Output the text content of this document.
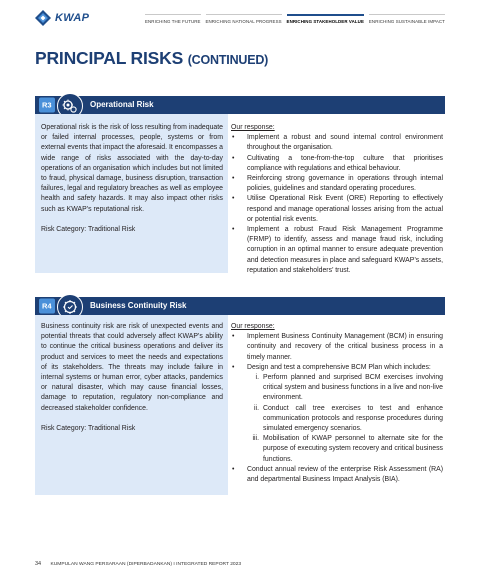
KWAP	ENRICHING THE FUTURE ENRICHING NATIONAL PROGRESS ENRICHING STAKEHOLDER VALUE ENRICHING SUSTAINABLE IMPACT
PRINCIPAL RISKS (CONTINUED)
R3	Operational Risk

Operational risk is the risk of loss resulting from inadequate or failed internal processes, people, systems or from external events that impact the aforesaid. It encompasses a wide range of risks associated with the day-to-day operations of an organisation which includes but not limited to fraud, physical damage, business disruption, transaction failures, legal and regulatory breaches as well as employee health and safety hazards. It may also impact other risks such as KWAP’s reputational risk.

Risk Category: Traditional Risk

Our response:
• Implement a robust and sound internal control environment throughout the organisation.
• Cultivating a tone-from-the-top culture that prioritises compliance with regulations and ethical behaviour.
• Reinforcing strong governance in operations through internal policies, guidelines and standard operating procedures.
• Utilise Operational Risk Event (ORE) Reporting to effectively respond and manage operational losses arising from the actual or potential risk events.
• Implement a robust Fraud Risk Management Programme (FRMP) to identify, assess and manage fraud risk, including corruption in an optimal manner to ensure adequate prevention and detection measures in place and safeguard KWAP’s assets, reputation and stakeholders’ trust.
R4	Business Continuity Risk

Business continuity risk are risk of unexpected events and potential threats that could adversely affect KWAP’s ability to continue the critical business operations and deliver its product and services to meet the needs and expectations of its stakeholders. The threats may include failure in internal systems or human error, cyber attacks, pandemics or natural disaster, which may cause financial losses, damage to reputation, regulatory non-compliance and decreased stakeholder confidence.

Risk Category: Traditional Risk

Our response:
• Implement Business Continuity Management (BCM) in ensuring continuity and recovery of the critical business process in a timely manner.
• Design and test a comprehensive BCM Plan which includes:
i. Perform planned and surprised BCM exercises involving critical system and business functions in a live and non-live environment.
ii. Conduct call tree exercises to test and enhance communication protocols and response procedures during simulated emergency scenarios.
iii. Mobilisation of KWAP personnel to alternate site for the purpose of executing system recovery and critical business functions.
• Conduct annual review of the enterprise Risk Assessment (RA) and departmental Business Impact Analysis (BIA).
34 KUMPULAN WANG PERSARAAN (DIPERBADANKAN) I INTEGRATED REPORT 2023
